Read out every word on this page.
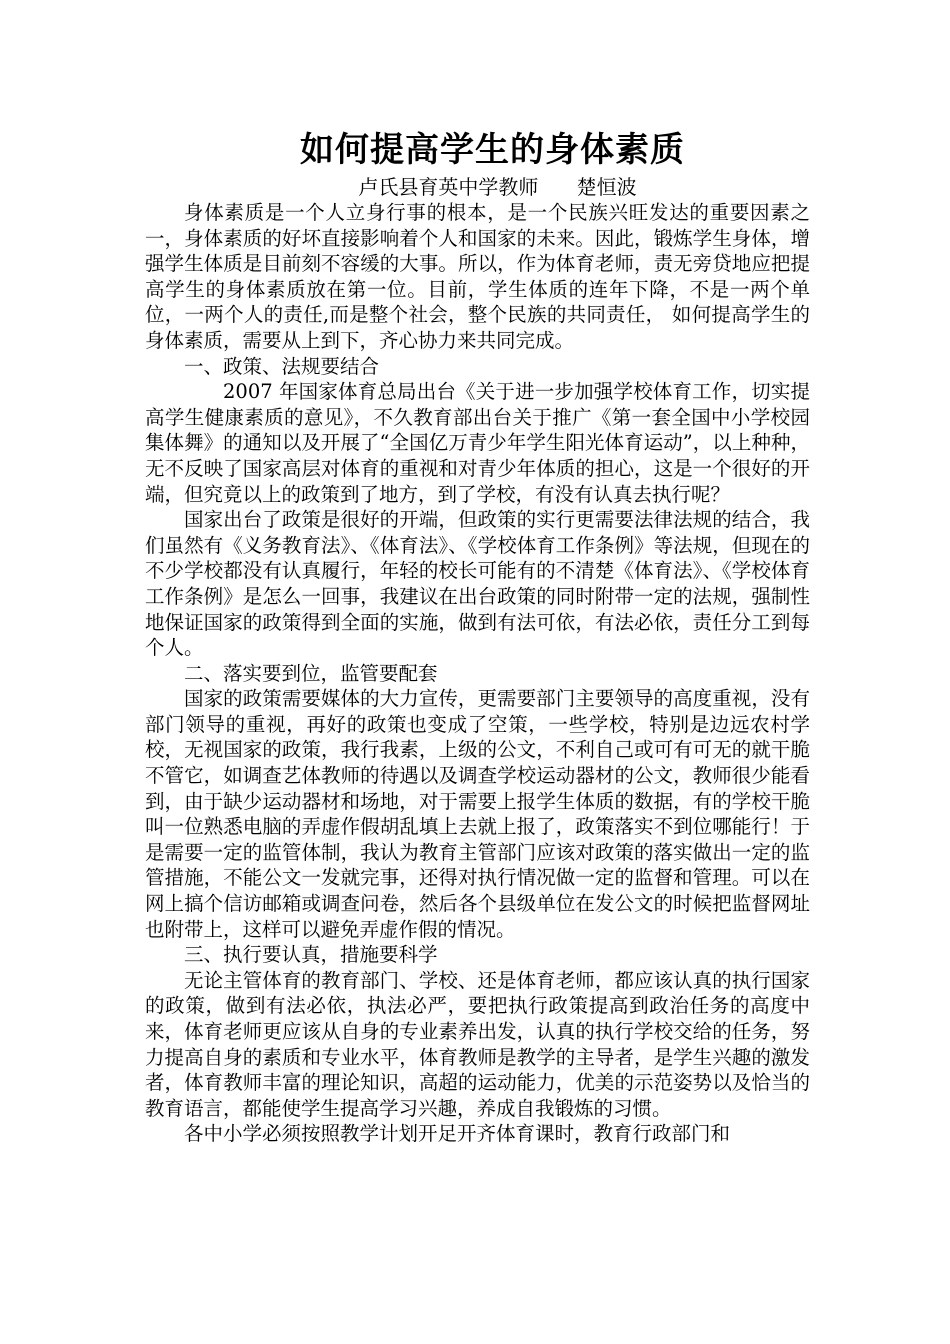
如何提高学生的身体素质
卢氏县育英中学教师      楚恒波

身体素质是一个人立身行事的根本，是一个民族兴旺发达的重要因素之一，身体素质的好坏直接影响着个人和国家的未来。因此，锻炼学生身体，增强学生体质是目前刻不容缓的大事。所以，作为体育老师，责无旁贷地应把提高学生的身体素质放在第一位。目前，学生体质的连年下降，不是一两个单位，一两个人的责任,而是整个社会，整个民族的共同责任， 如何提高学生的身体素质，需要从上到下，齐心协力来共同完成。

一、政策、法规要结合

2007 年国家体育总局出台《关于进一步加强学校体育工作，切实提高学生健康素质的意见》，不久教育部出台关于推广《第一套全国中小学校园集体舞》的通知以及开展了“全国亿万青少年学生阳光体育运动”，以上种种，无不反映了国家高层对体育的重视和对青少年体质的担心，这是一个很好的开端，但究竟以上的政策到了地方，到了学校，有没有认真去执行呢？

国家出台了政策是很好的开端，但政策的实行更需要法律法规的结合，我们虽然有《义务教育法》、《体育法》、《学校体育工作条例》等法规，但现在的不少学校都没有认真履行，年轻的校长可能有的不清楚《体育法》、《学校体育工作条例》是怎么一回事，我建议在出台政策的同时附带一定的法规，强制性地保证国家的政策得到全面的实施，做到有法可依，有法必依，责任分工到每个人。

二、落实要到位，监管要配套

国家的政策需要媒体的大力宣传，更需要部门主要领导的高度重视，没有部门领导的重视，再好的政策也变成了空策，一些学校，特别是边远农村学校，无视国家的政策，我行我素，上级的公文，不利自己或可有可无的就干脆不管它，如调查艺体教师的待遇以及调查学校运动器材的公文，教师很少能看到，由于缺少运动器材和场地，对于需要上报学生体质的数据，有的学校干脆叫一位熟悉电脑的弄虚作假胡乱填上去就上报了，政策落实不到位哪能行！于是需要一定的监管体制，我认为教育主管部门应该对政策的落实做出一定的监管措施，不能公文一发就完事，还得对执行情况做一定的监督和管理。可以在网上搞个信访邮箱或调查问卷，然后各个县级单位在发公文的时候把监督网址也附带上，这样可以避免弄虚作假的情况。

三、执行要认真，措施要科学

无论主管体育的教育部门、学校、还是体育老师，都应该认真的执行国家的政策，做到有法必依，执法必严，要把执行政策提高到政治任务的高度中来，体育老师更应该从自身的专业素养出发，认真的执行学校交给的任务，努力提高自身的素质和专业水平，体育教师是教学的主导者，是学生兴趣的激发者，体育教师丰富的理论知识，高超的运动能力，优美的示范姿势以及恰当的教育语言，都能使学生提高学习兴趣，养成自我锻炼的习惯。

各中小学必须按照教学计划开足开齐体育课时，教育行政部门和
